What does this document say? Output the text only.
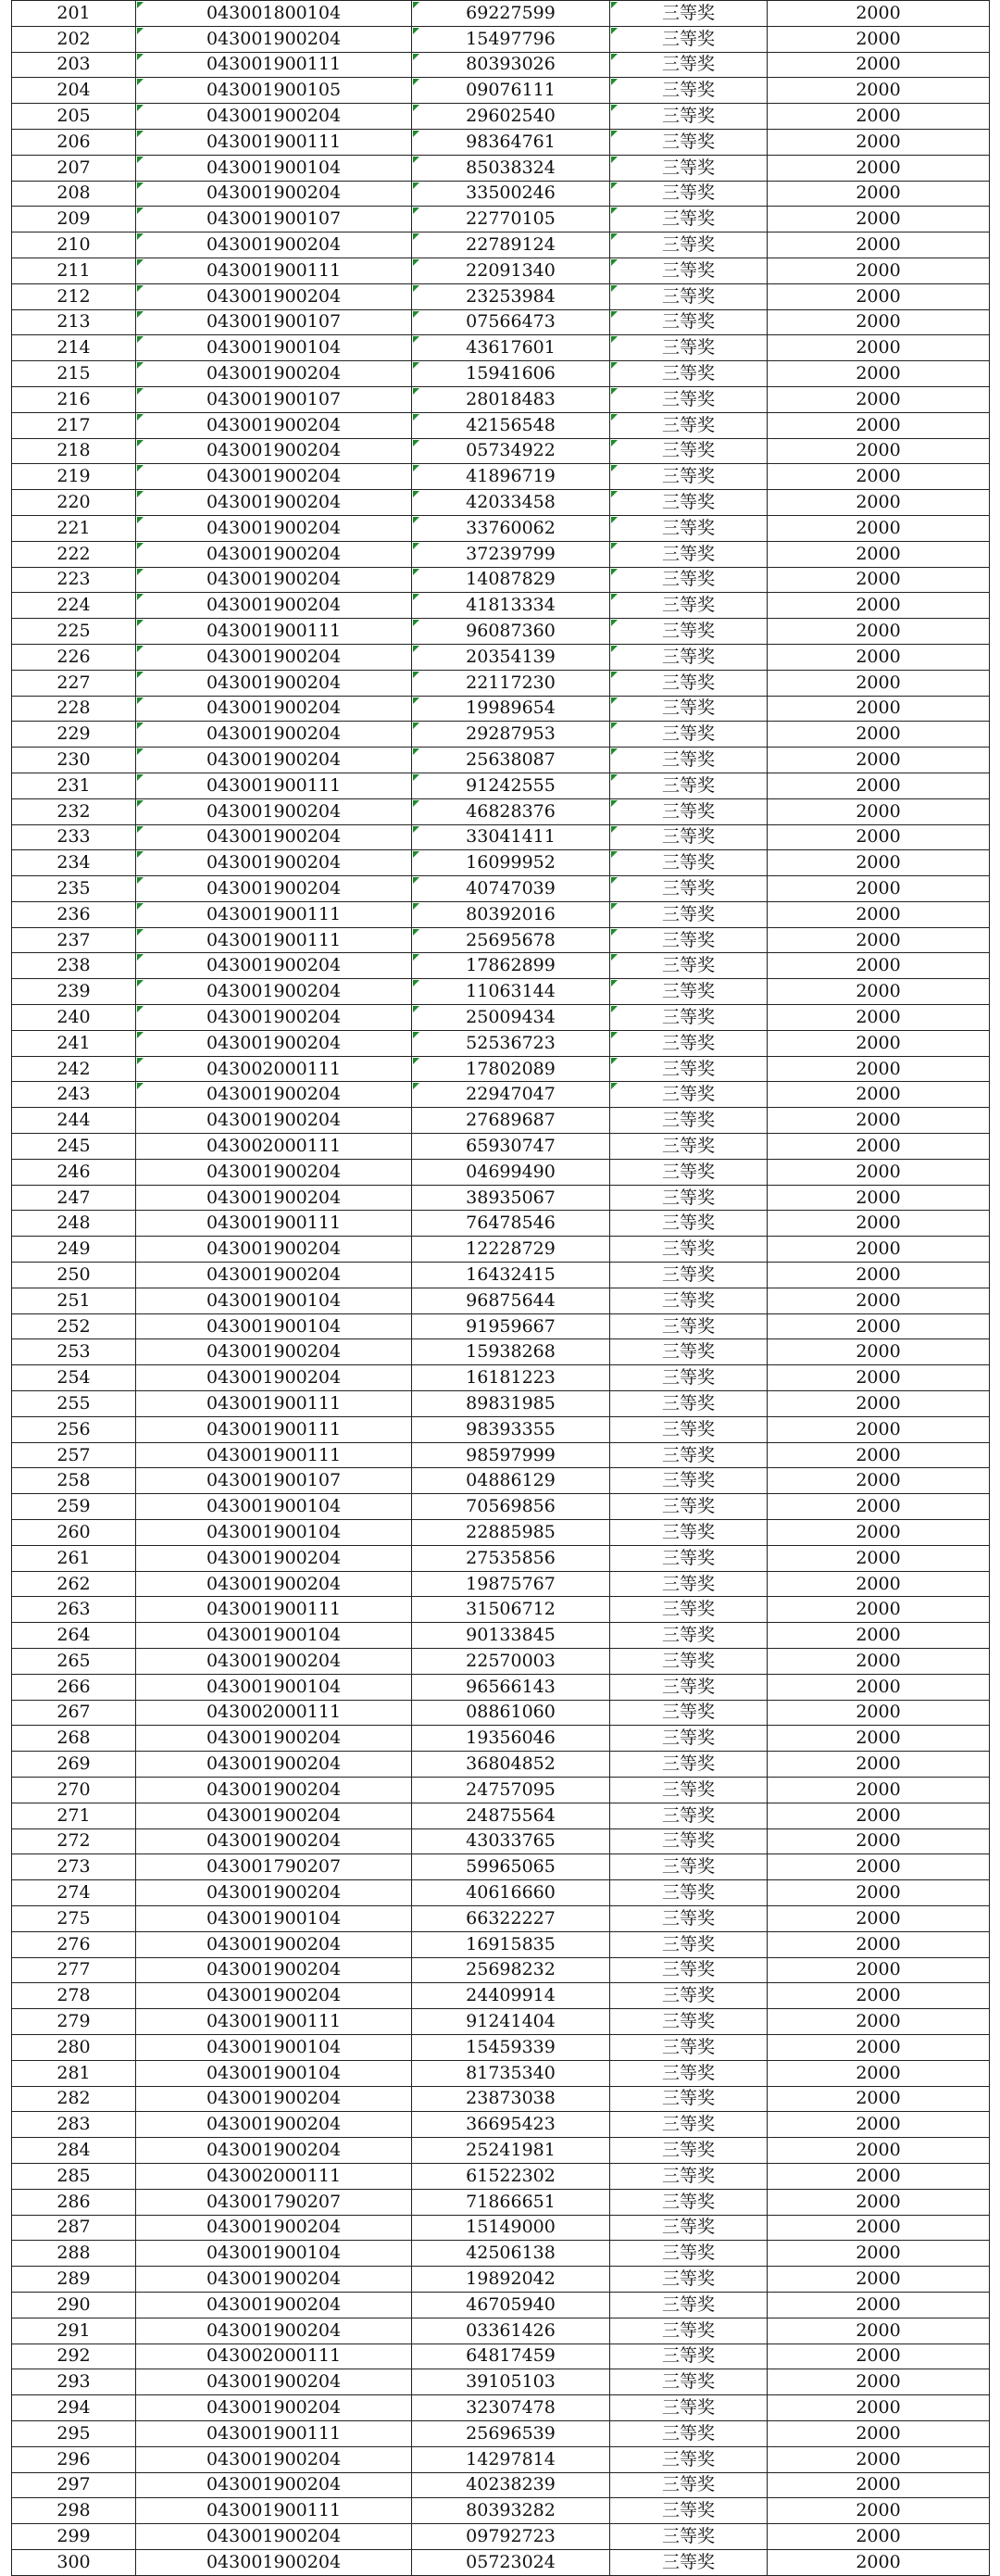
201	043001800104	69227599	三等奖	2000
202	043001900204	15497796	三等奖	2000
203	043001900111	80393026	三等奖	2000
204	043001900105	09076111	三等奖	2000
205	043001900204	29602540	三等奖	2000
206	043001900111	98364761	三等奖	2000
207	043001900104	85038324	三等奖	2000
208	043001900204	33500246	三等奖	2000
209	043001900107	22770105	三等奖	2000
210	043001900204	22789124	三等奖	2000
211	043001900111	22091340	三等奖	2000
212	043001900204	23253984	三等奖	2000
213	043001900107	07566473	三等奖	2000
214	043001900104	43617601	三等奖	2000
215	043001900204	15941606	三等奖	2000
216	043001900107	28018483	三等奖	2000
217	043001900204	42156548	三等奖	2000
218	043001900204	05734922	三等奖	2000
219	043001900204	41896719	三等奖	2000
220	043001900204	42033458	三等奖	2000
221	043001900204	33760062	三等奖	2000
222	043001900204	37239799	三等奖	2000
223	043001900204	14087829	三等奖	2000
224	043001900204	41813334	三等奖	2000
225	043001900111	96087360	三等奖	2000
226	043001900204	20354139	三等奖	2000
227	043001900204	22117230	三等奖	2000
228	043001900204	19989654	三等奖	2000
229	043001900204	29287953	三等奖	2000
230	043001900204	25638087	三等奖	2000
231	043001900111	91242555	三等奖	2000
232	043001900204	46828376	三等奖	2000
233	043001900204	33041411	三等奖	2000
234	043001900204	16099952	三等奖	2000
235	043001900204	40747039	三等奖	2000
236	043001900111	80392016	三等奖	2000
237	043001900111	25695678	三等奖	2000
238	043001900204	17862899	三等奖	2000
239	043001900204	11063144	三等奖	2000
240	043001900204	25009434	三等奖	2000
241	043001900204	52536723	三等奖	2000
242	043002000111	17802089	三等奖	2000
243	043001900204	22947047	三等奖	2000
244	043001900204	27689687	三等奖	2000
245	043002000111	65930747	三等奖	2000
246	043001900204	04699490	三等奖	2000
247	043001900204	38935067	三等奖	2000
248	043001900111	76478546	三等奖	2000
249	043001900204	12228729	三等奖	2000
250	043001900204	16432415	三等奖	2000
251	043001900104	96875644	三等奖	2000
252	043001900104	91959667	三等奖	2000
253	043001900204	15938268	三等奖	2000
254	043001900204	16181223	三等奖	2000
255	043001900111	89831985	三等奖	2000
256	043001900111	98393355	三等奖	2000
257	043001900111	98597999	三等奖	2000
258	043001900107	04886129	三等奖	2000
259	043001900104	70569856	三等奖	2000
260	043001900104	22885985	三等奖	2000
261	043001900204	27535856	三等奖	2000
262	043001900204	19875767	三等奖	2000
263	043001900111	31506712	三等奖	2000
264	043001900104	90133845	三等奖	2000
265	043001900204	22570003	三等奖	2000
266	043001900104	96566143	三等奖	2000
267	043002000111	08861060	三等奖	2000
268	043001900204	19356046	三等奖	2000
269	043001900204	36804852	三等奖	2000
270	043001900204	24757095	三等奖	2000
271	043001900204	24875564	三等奖	2000
272	043001900204	43033765	三等奖	2000
273	043001790207	59965065	三等奖	2000
274	043001900204	40616660	三等奖	2000
275	043001900104	66322227	三等奖	2000
276	043001900204	16915835	三等奖	2000
277	043001900204	25698232	三等奖	2000
278	043001900204	24409914	三等奖	2000
279	043001900111	91241404	三等奖	2000
280	043001900104	15459339	三等奖	2000
281	043001900104	81735340	三等奖	2000
282	043001900204	23873038	三等奖	2000
283	043001900204	36695423	三等奖	2000
284	043001900204	25241981	三等奖	2000
285	043002000111	61522302	三等奖	2000
286	043001790207	71866651	三等奖	2000
287	043001900204	15149000	三等奖	2000
288	043001900104	42506138	三等奖	2000
289	043001900204	19892042	三等奖	2000
290	043001900204	46705940	三等奖	2000
291	043001900204	03361426	三等奖	2000
292	043002000111	64817459	三等奖	2000
293	043001900204	39105103	三等奖	2000
294	043001900204	32307478	三等奖	2000
295	043001900111	25696539	三等奖	2000
296	043001900204	14297814	三等奖	2000
297	043001900204	40238239	三等奖	2000
298	043001900111	80393282	三等奖	2000
299	043001900204	09792723	三等奖	2000
300	043001900204	05723024	三等奖	2000
